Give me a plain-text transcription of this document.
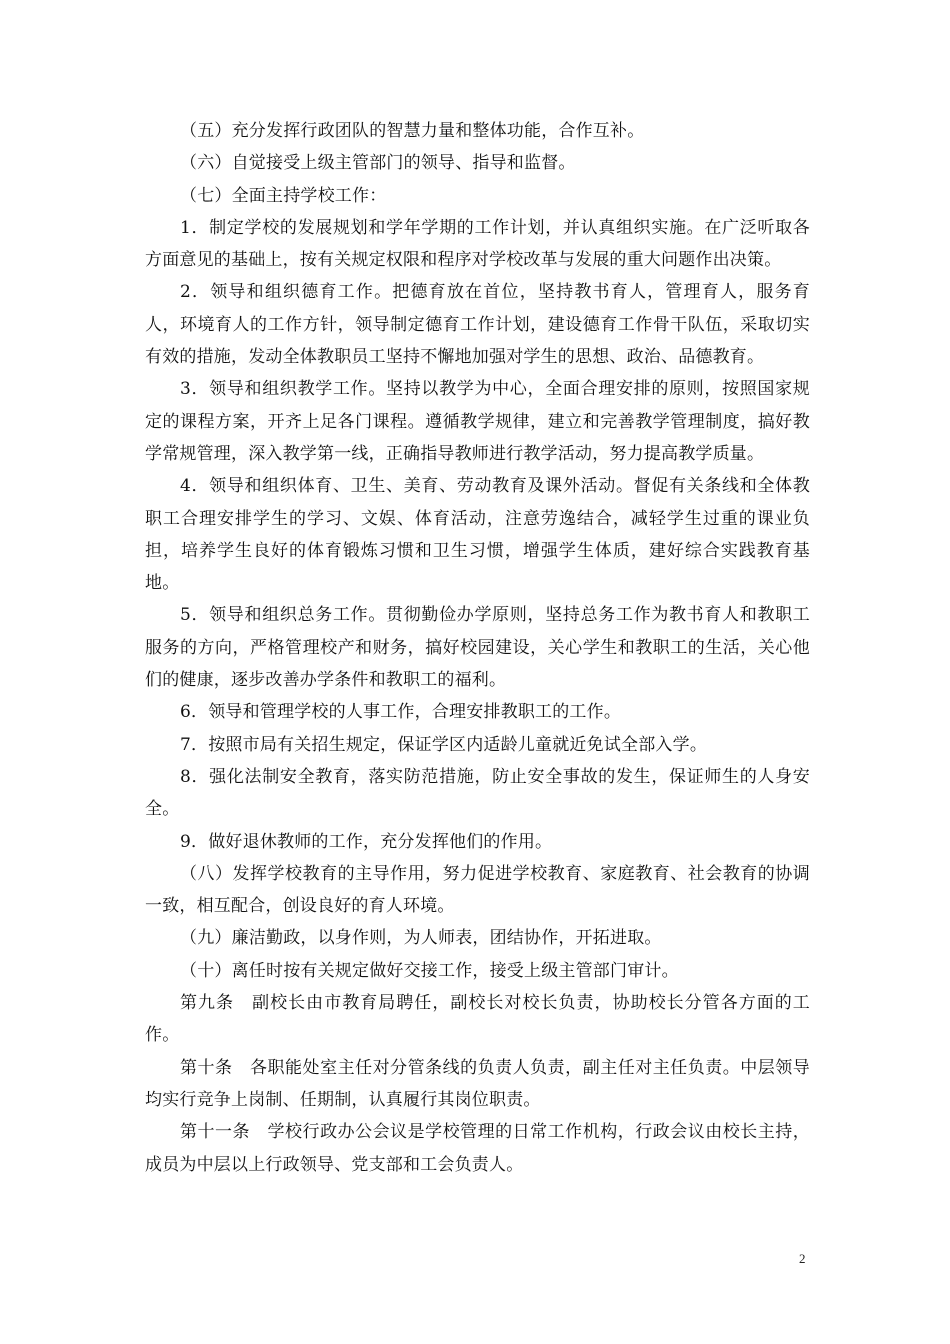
（五）充分发挥行政团队的智慧力量和整体功能，合作互补。

（六）自觉接受上级主管部门的领导、指导和监督。

（七）全面主持学校工作：

1．制定学校的发展规划和学年学期的工作计划，并认真组织实施。在广泛听取各方面意见的基础上，按有关规定权限和程序对学校改革与发展的重大问题作出决策。

2．领导和组织德育工作。把德育放在首位，坚持教书育人，管理育人，服务育人，环境育人的工作方针，领导制定德育工作计划，建设德育工作骨干队伍，采取切实有效的措施，发动全体教职员工坚持不懈地加强对学生的思想、政治、品德教育。

3．领导和组织教学工作。坚持以教学为中心，全面合理安排的原则，按照国家规定的课程方案，开齐上足各门课程。遵循教学规律，建立和完善教学管理制度，搞好教学常规管理，深入教学第一线，正确指导教师进行教学活动，努力提高教学质量。

4．领导和组织体育、卫生、美育、劳动教育及课外活动。督促有关条线和全体教职工合理安排学生的学习、文娱、体育活动，注意劳逸结合，减轻学生过重的课业负担，培养学生良好的体育锻炼习惯和卫生习惯，增强学生体质，建好综合实践教育基地。

5．领导和组织总务工作。贯彻勤俭办学原则，坚持总务工作为教书育人和教职工服务的方向，严格管理校产和财务，搞好校园建设，关心学生和教职工的生活，关心他们的健康，逐步改善办学条件和教职工的福利。

6．领导和管理学校的人事工作，合理安排教职工的工作。

7．按照市局有关招生规定，保证学区内适龄儿童就近免试全部入学。

8．强化法制安全教育，落实防范措施，防止安全事故的发生，保证师生的人身安全。

9．做好退休教师的工作，充分发挥他们的作用。

（八）发挥学校教育的主导作用，努力促进学校教育、家庭教育、社会教育的协调一致，相互配合，创设良好的育人环境。

（九）廉洁勤政，以身作则，为人师表，团结协作，开拓进取。

（十）离任时按有关规定做好交接工作，接受上级主管部门审计。

第九条　副校长由市教育局聘任，副校长对校长负责，协助校长分管各方面的工作。

第十条　各职能处室主任对分管条线的负责人负责，副主任对主任负责。中层领导均实行竞争上岗制、任期制，认真履行其岗位职责。

第十一条　学校行政办公会议是学校管理的日常工作机构，行政会议由校长主持，成员为中层以上行政领导、党支部和工会负责人。

2
